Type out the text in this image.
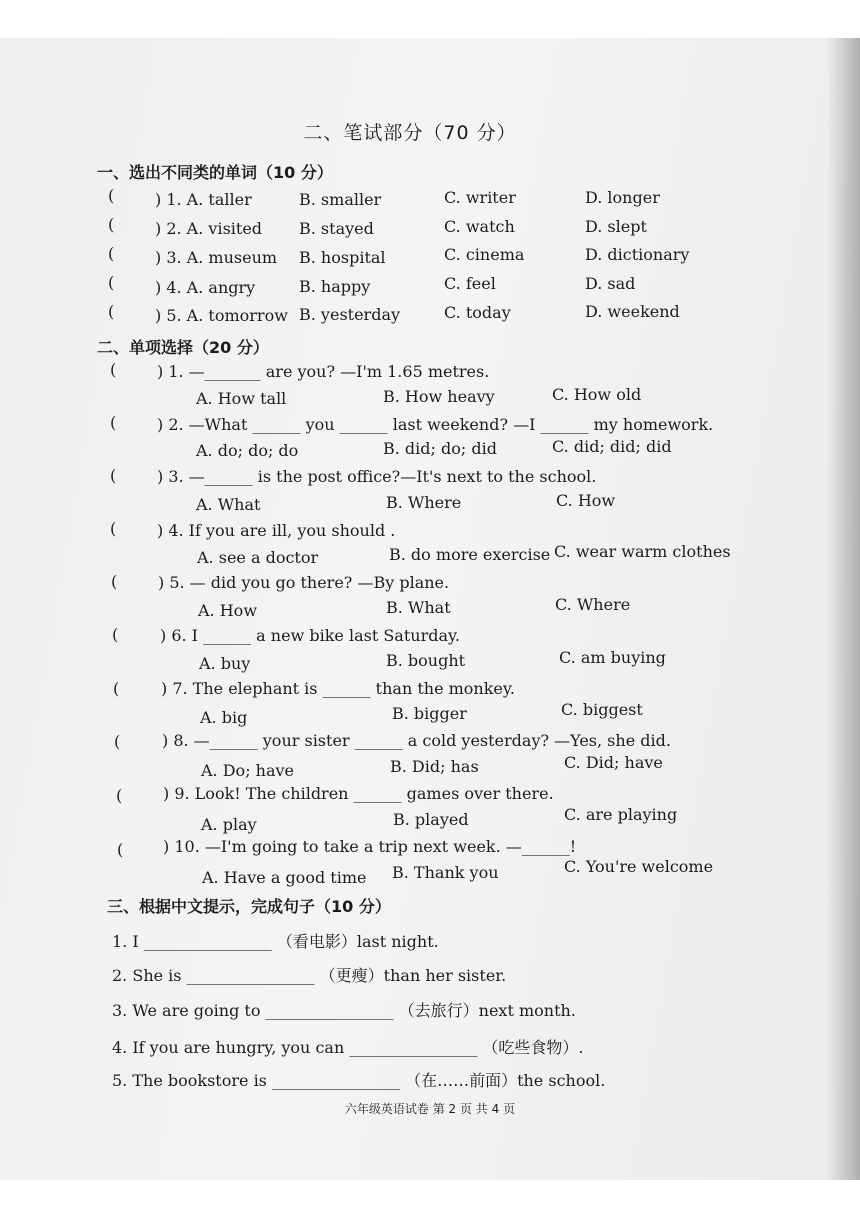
二、笔试部分（70 分）
一、选出不同类的单词（10 分）
(	) 1. A. taller	B. smaller	C. writer	D. longer
(	) 2. A. visited B. stayed	C. watch	D. slept
(	) 3. A. museum B. hospital	C. cinema	D. dictionary
(	) 4. A. angry	B. happy	C. feel	D. sad
(	) 5. A. tomorrow B. yesterday	C. today	D. weekend
二、单项选择（20 分）
(	) 1. —_______ are you? —I'm 1.65 metres.
A. How tall	B. How heavy	C. How old
(	) 2. —What ______ you ______ last weekend? —I ______ my homework.
A. do; do; do	B. did; do; did	C. did; did; did
(	) 3. —______ is the post office?—It's next to the school.
A. What	B. Where	C. How
(	) 4. If you are ill, you should .
A. see a doctor	B. do more exercise C. wear warm clothes
(	) 5. — did you go there? —By plane.
A. How	B. What	C. Where
(	) 6. I ______ a new bike last Saturday.
A. buy	B. bought	C. am buying
(	) 7. The elephant is ______ than the monkey.
A. big	B. bigger	C. biggest
(	) 8. —______ your sister ______ a cold yesterday? —Yes, she did.
A. Do; have	B. Did; has	C. Did; have
(	) 9. Look! The children ______ games over there.
A. play	B. played	C. are playing
( ) 10. —I'm going to take a trip next week. —______!
A. Have a good time B. Thank you	C. You're welcome
三、根据中文提示，完成句子（10 分）
1. I ________________ （看电影）last night.
2. She is ________________ （更瘦）than her sister.
3. We are going to ________________ （去旅行）next month.
4. If you are hungry, you can ________________ （吃些食物）.
5. The bookstore is ________________ （在……前面）the school.
六年级英语试卷 第 2 页 共 4 页
